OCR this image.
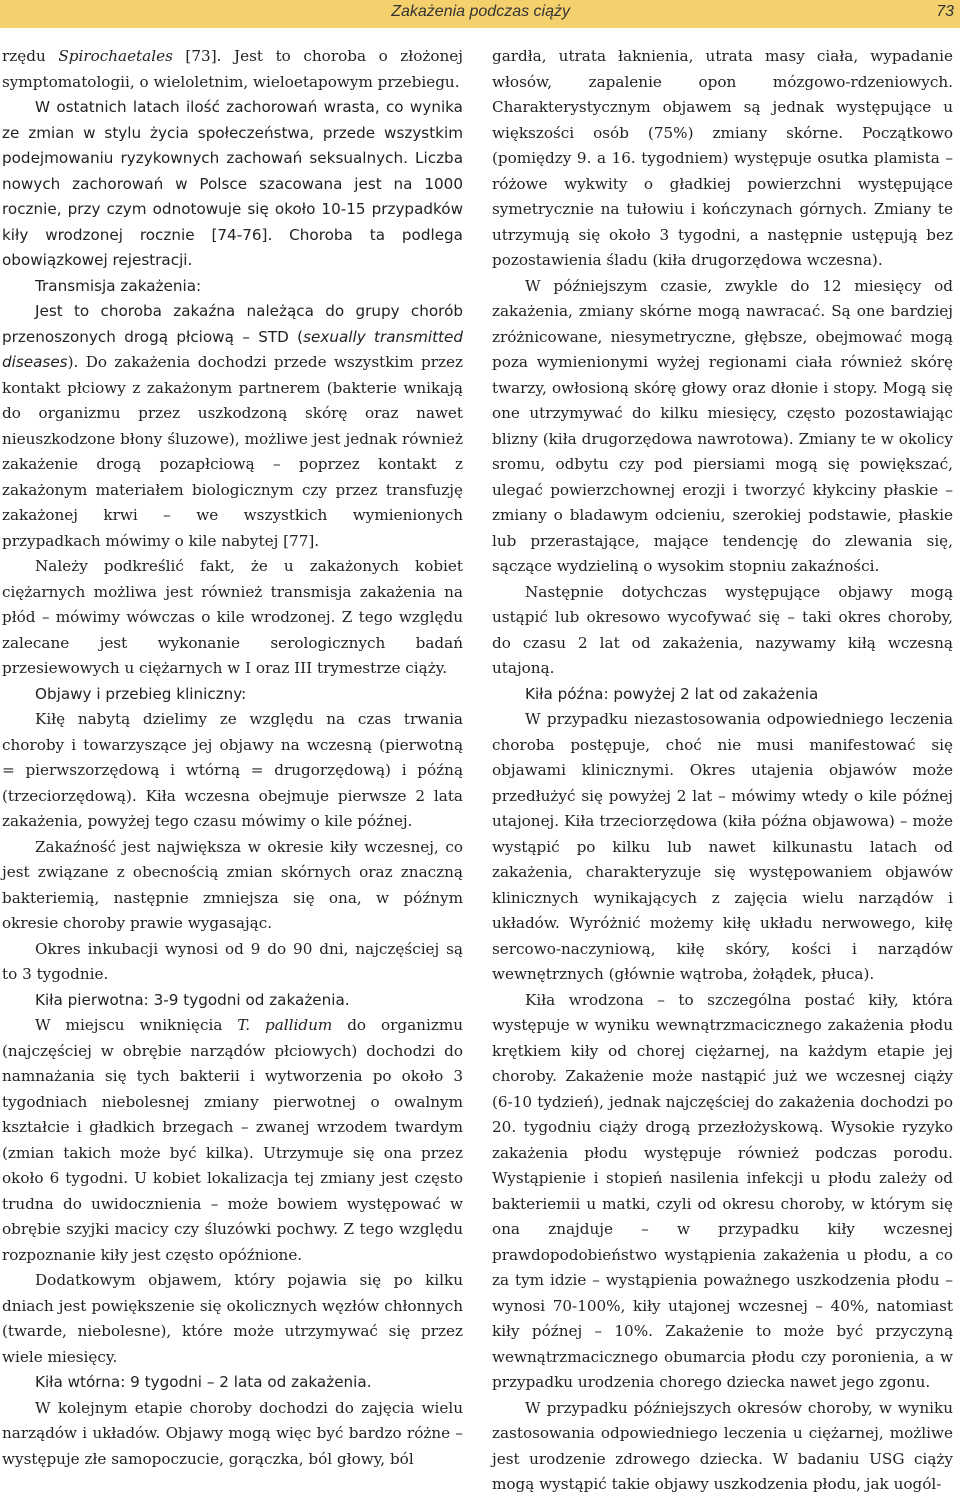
Zakażenia podczas ciąży	73

rzędu Spirochaetales [73]. Jest to choroba o złożonej symptomatologii, o wieloletnim, wieloetapowym przebiegu.

W ostatnich latach ilość zachorowań wrasta, co wynika ze zmian w stylu życia społeczeństwa, przede wszystkim podejmowaniu ryzykownych zachowań seksualnych. Liczba nowych zachorowań w Polsce szacowana jest na 1000 rocznie, przy czym odnotowuje się około 10-15 przypadków kiły wrodzonej rocznie [74-76]. Choroba ta podlega obowiązkowej rejestracji.

Transmisja zakażenia:

Jest to choroba zakaźna należąca do grupy chorób przenoszonych drogą płciową – STD (sexually transmitted diseases). Do zakażenia dochodzi przede wszystkim przez kontakt płciowy z zakażonym partnerem (bakterie wnikają do organizmu przez uszkodzoną skórę oraz nawet nieuszkodzone błony śluzowe), możliwe jest jednak również zakażenie drogą pozapłciową – poprzez kontakt z zakażonym materiałem biologicznym czy przez transfuzję zakażonej krwi – we wszystkich wymienionych przypadkach mówimy o kile nabytej [77].

Należy podkreślić fakt, że u zakażonych kobiet ciężarnych możliwa jest również transmisja zakażenia na płód – mówimy wówczas o kile wrodzonej. Z tego względu zalecane jest wykonanie serologicznych badań przesiewowych u ciężarnych w I oraz III trymestrze ciąży.

Objawy i przebieg kliniczny:

Kiłę nabytą dzielimy ze względu na czas trwania choroby i towarzyszące jej objawy na wczesną (pierwotną = pierwszorzędową i wtórną = drugorzędową) i późną (trzeciorzędową). Kiła wczesna obejmuje pierwsze 2 lata zakażenia, powyżej tego czasu mówimy o kile późnej.

Zakaźność jest największa w okresie kiły wczesnej, co jest związane z obecnością zmian skórnych oraz znaczną bakteriemią, następnie zmniejsza się ona, w późnym okresie choroby prawie wygasając.

Okres inkubacji wynosi od 9 do 90 dni, najczęściej są to 3 tygodnie.

Kiła pierwotna: 3-9 tygodni od zakażenia.

W miejscu wniknięcia T. pallidum do organizmu (najczęściej w obrębie narządów płciowych) dochodzi do namnażania się tych bakterii i wytworzenia po około 3 tygodniach niebolesnej zmiany pierwotnej o owalnym kształcie i gładkich brzegach – zwanej wrzodem twardym (zmian takich może być kilka). Utrzymuje się ona przez około 6 tygodni. U kobiet lokalizacja tej zmiany jest często trudna do uwidocznienia – może bowiem występować w obrębie szyjki macicy czy śluzówki pochwy. Z tego względu rozpoznanie kiły jest często opóźnione.

Dodatkowym objawem, który pojawia się po kilku dniach jest powiększenie się okolicznych węzłów chłonnych (twarde, niebolesne), które może utrzymywać się przez wiele miesięcy.

Kiła wtórna: 9 tygodni – 2 lata od zakażenia.

W kolejnym etapie choroby dochodzi do zajęcia wielu narządów i układów. Objawy mogą więc być bardzo różne – występuje złe samopoczucie, gorączka, ból głowy, ból

gardła, utrata łaknienia, utrata masy ciała, wypadanie włosów, zapalenie opon mózgowo-rdzeniowych. Charakterystycznym objawem są jednak występujące u większości osób (75%) zmiany skórne. Początkowo (pomiędzy 9. a 16. tygodniem) występuje osutka plamista – różowe wykwity o gładkiej powierzchni występujące symetrycznie na tułowiu i kończynach górnych. Zmiany te utrzymują się około 3 tygodni, a następnie ustępują bez pozostawienia śladu (kiła drugorzędowa wczesna).

W późniejszym czasie, zwykle do 12 miesięcy od zakażenia, zmiany skórne mogą nawracać. Są one bardziej zróżnicowane, niesymetryczne, głębsze, obejmować mogą poza wymienionymi wyżej regionami ciała również skórę twarzy, owłosioną skórę głowy oraz dłonie i stopy. Mogą się one utrzymywać do kilku miesięcy, często pozostawiając blizny (kiła drugorzędowa nawrotowa). Zmiany te w okolicy sromu, odbytu czy pod piersiami mogą się powiększać, ulegać powierzchownej erozji i tworzyć kłykciny płaskie – zmiany o bladawym odcieniu, szerokiej podstawie, płaskie lub przerastające, mające tendencję do zlewania się, sączące wydzieliną o wysokim stopniu zakaźności.

Następnie dotychczas występujące objawy mogą ustąpić lub okresowo wycofywać się – taki okres choroby, do czasu 2 lat od zakażenia, nazywamy kiłą wczesną utajoną.

Kiła późna: powyżej 2 lat od zakażenia

W przypadku niezastosowania odpowiedniego leczenia choroba postępuje, choć nie musi manifestować się objawami klinicznymi. Okres utajenia objawów może przedłużyć się powyżej 2 lat – mówimy wtedy o kile późnej utajonej. Kiła trzeciorzędowa (kiła późna objawowa) – może wystąpić po kilku lub nawet kilkunastu latach od zakażenia, charakteryzuje się występowaniem objawów klinicznych wynikających z zajęcia wielu narządów i układów. Wyróżnić możemy kiłę układu nerwowego, kiłę sercowo-naczyniową, kiłę skóry, kości i narządów wewnętrznych (głównie wątroba, żołądek, płuca).

Kiła wrodzona – to szczególna postać kiły, która występuje w wyniku wewnątrzmacicznego zakażenia płodu krętkiem kiły od chorej ciężarnej, na każdym etapie jej choroby. Zakażenie może nastąpić już we wczesnej ciąży (6-10 tydzień), jednak najczęściej do zakażenia dochodzi po 20. tygodniu ciąży drogą przezłożyskową. Wysokie ryzyko zakażenia płodu występuje również podczas porodu. Wystąpienie i stopień nasilenia infekcji u płodu zależy od bakteriemii u matki, czyli od okresu choroby, w którym się ona znajduje – w przypadku kiły wczesnej prawdopodobieństwo wystąpienia zakażenia u płodu, a co za tym idzie – wystąpienia poważnego uszkodzenia płodu – wynosi 70-100%, kiły utajonej wczesnej – 40%, natomiast kiły późnej – 10%. Zakażenie to może być przyczyną wewnątrzmacicznego obumarcia płodu czy poronienia, a w przypadku urodzenia chorego dziecka nawet jego zgonu.

W przypadku późniejszych okresów choroby, w wyniku zastosowania odpowiedniego leczenia u ciężarnej, możliwe jest urodzenie zdrowego dziecka. W badaniu USG ciąży mogą wystąpić takie objawy uszkodzenia płodu, jak uogól-
